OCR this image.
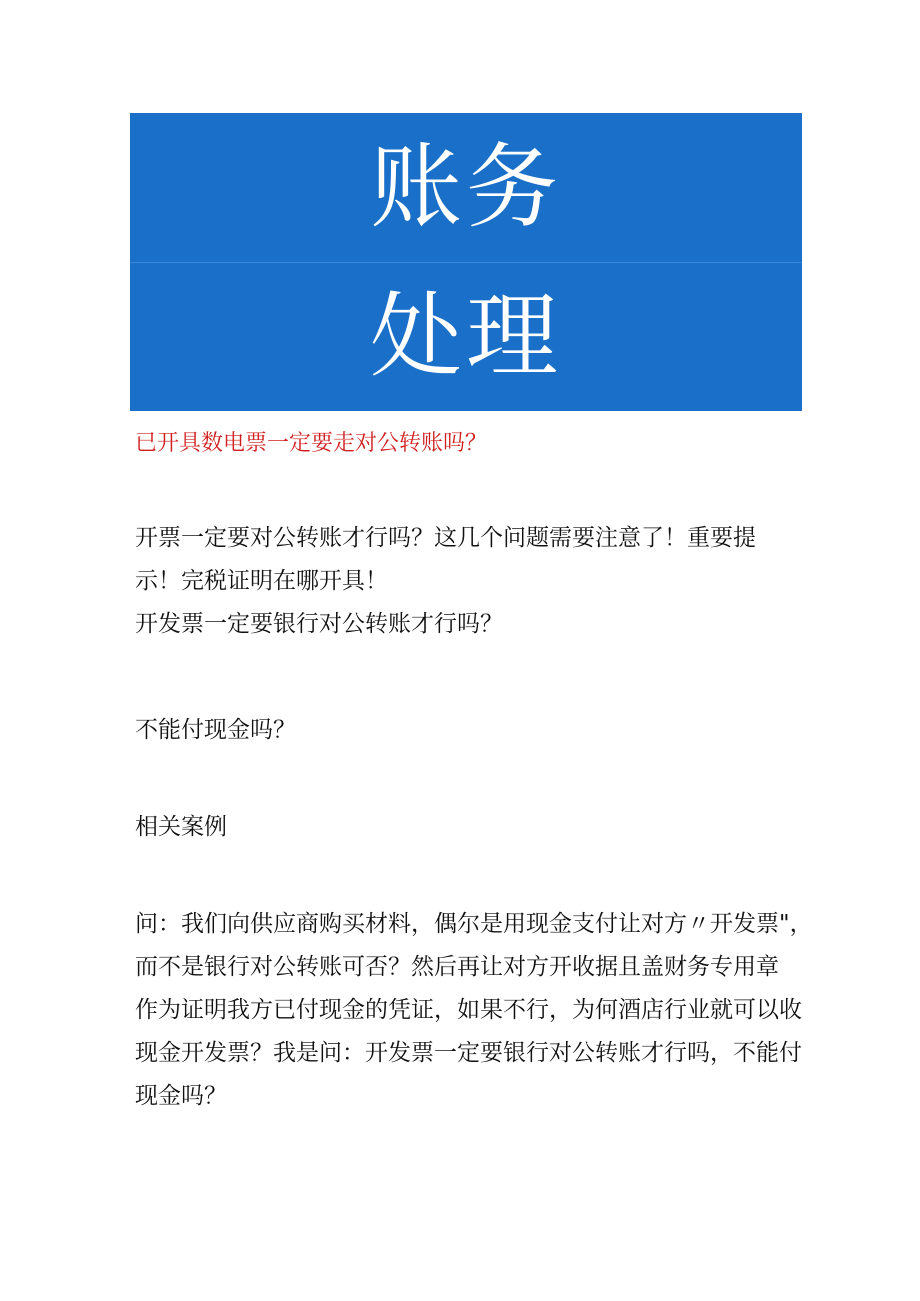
账务
处理
已开具数电票一定要走对公转账吗？
开票一定要对公转账才行吗？这几个问题需要注意了！重要提
示！完税证明在哪开具！
开发票一定要银行对公转账才行吗？
不能付现金吗？
相关案例
问：我们向供应商购买材料，偶尔是用现金支付让对方〃开发票"，
而不是银行对公转账可否？然后再让对方开收据且盖财务专用章
作为证明我方已付现金的凭证，如果不行，为何酒店行业就可以收
现金开发票？我是问：开发票一定要银行对公转账才行吗，不能付
现金吗？
